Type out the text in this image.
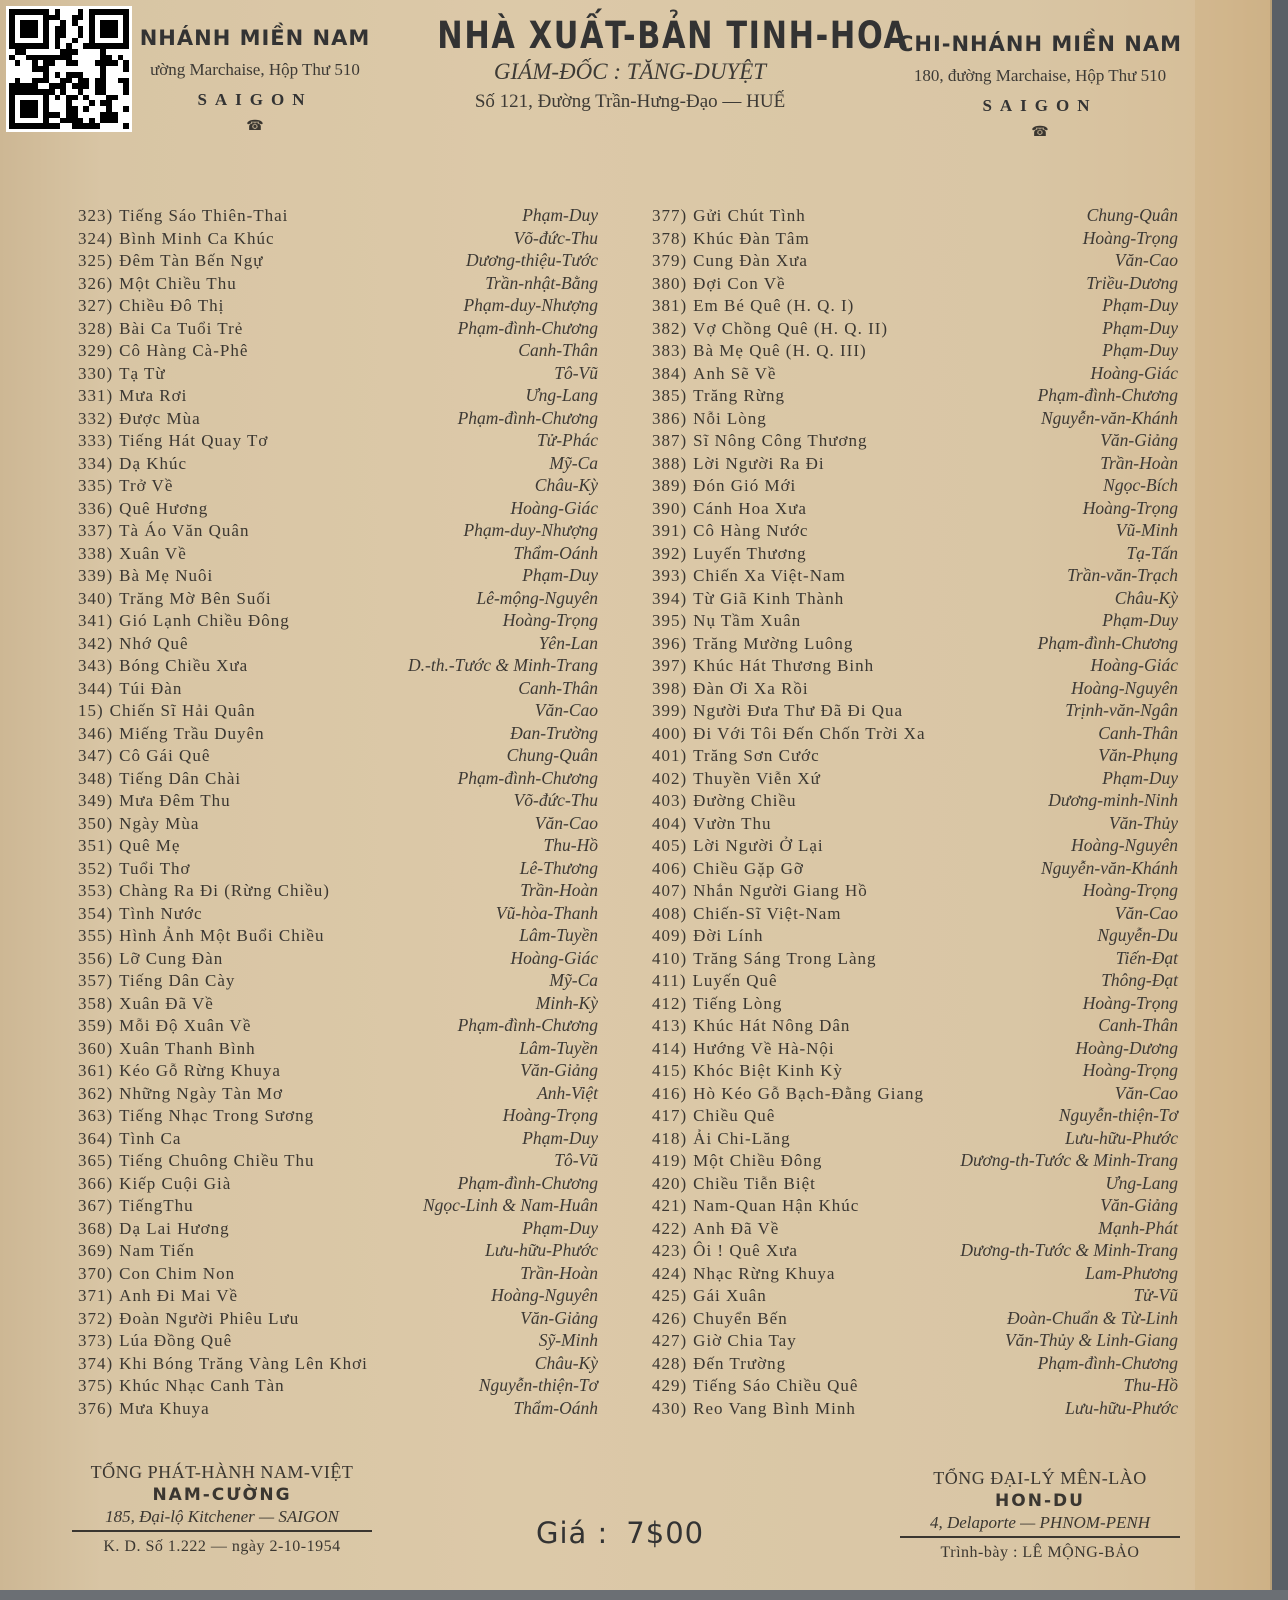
NHÁNH MIỀN NAM
ường Marchaise, Hộp Thư 510
SAIGON
☎
NHÀ XUẤT-BẢN TINH-HOA
GIÁM-ĐỐC : TĂNG-DUYỆT
Số 121, Đường Trần-Hưng-Đạo — HUẾ
CHI-NHÁNH MIỀN NAM
180, đường Marchaise, Hộp Thư 510
SAIGON
☎
323) Tiếng Sáo Thiên-Thai	Phạm-Duy
324) Bình Minh Ca Khúc	Võ-đức-Thu
325) Đêm Tàn Bến Ngự	Dương-thiệu-Tước
326) Một Chiều Thu	Trần-nhật-Bằng
327) Chiều Đô Thị	Phạm-duy-Nhượng
328) Bài Ca Tuổi Trẻ	Phạm-đình-Chương
329) Cô Hàng Cà-Phê	Canh-Thân
330) Tạ Từ	Tô-Vũ
331) Mưa Rơi	Ưng-Lang
332) Được Mùa	Phạm-đình-Chương
333) Tiếng Hát Quay Tơ	Tử-Phác
334) Dạ Khúc	Mỹ-Ca
335) Trở Về	Châu-Kỳ
336) Quê Hương	Hoàng-Giác
337) Tà Áo Văn Quân	Phạm-duy-Nhượng
338) Xuân Về	Thẩm-Oánh
339) Bà Mẹ Nuôi	Phạm-Duy
340) Trăng Mờ Bên Suối	Lê-mộng-Nguyên
341) Gió Lạnh Chiều Đông	Hoàng-Trọng
342) Nhớ Quê	Yên-Lan
343) Bóng Chiều Xưa	D.-th.-Tước & Minh-Trang
344) Túi Đàn	Canh-Thân
15) Chiến Sĩ Hải Quân	Văn-Cao
346) Miếng Trầu Duyên	Đan-Trường
347) Cô Gái Quê	Chung-Quân
348) Tiếng Dân Chài	Phạm-đình-Chương
349) Mưa Đêm Thu	Võ-đức-Thu
350) Ngày Mùa	Văn-Cao
351) Quê Mẹ	Thu-Hồ
352) Tuổi Thơ	Lê-Thương
353) Chàng Ra Đi (Rừng Chiều)	Trần-Hoàn
354) Tình Nước	Vũ-hòa-Thanh
355) Hình Ảnh Một Buổi Chiều	Lâm-Tuyền
356) Lỡ Cung Đàn	Hoàng-Giác
357) Tiếng Dân Cày	Mỹ-Ca
358) Xuân Đã Về	Minh-Kỳ
359) Mỗi Độ Xuân Về	Phạm-đình-Chương
360) Xuân Thanh Bình	Lâm-Tuyền
361) Kéo Gỗ Rừng Khuya	Văn-Giảng
362) Những Ngày Tàn Mơ	Anh-Việt
363) Tiếng Nhạc Trong Sương	Hoàng-Trọng
364) Tình Ca	Phạm-Duy
365) Tiếng Chuông Chiều Thu	Tô-Vũ
366) Kiếp Cuội Già	Phạm-đình-Chương
367) TiếngThu	Ngọc-Linh & Nam-Huân
368) Dạ Lai Hương	Phạm-Duy
369) Nam Tiến	Lưu-hữu-Phước
370) Con Chim Non	Trần-Hoàn
371) Anh Đi Mai Về	Hoàng-Nguyên
372) Đoàn Người Phiêu Lưu	Văn-Giảng
373) Lúa Đồng Quê	Sỹ-Minh
374) Khi Bóng Trăng Vàng Lên Khơi	Châu-Kỳ
375) Khúc Nhạc Canh Tàn	Nguyễn-thiện-Tơ
376) Mưa Khuya	Thẩm-Oánh
377) Gửi Chút Tình	Chung-Quân
378) Khúc Đàn Tâm	Hoàng-Trọng
379) Cung Đàn Xưa	Văn-Cao
380) Đợi Con Về	Triều-Dương
381) Em Bé Quê (H. Q. I)	Phạm-Duy
382) Vợ Chồng Quê (H. Q. II)	Phạm-Duy
383) Bà Mẹ Quê (H. Q. III)	Phạm-Duy
384) Anh Sẽ Về	Hoàng-Giác
385) Trăng Rừng	Phạm-đình-Chương
386) Nỗi Lòng	Nguyễn-văn-Khánh
387) Sĩ Nông Công Thương	Văn-Giảng
388) Lời Người Ra Đi	Trần-Hoàn
389) Đón Gió Mới	Ngọc-Bích
390) Cánh Hoa Xưa	Hoàng-Trọng
391) Cô Hàng Nước	Vũ-Minh
392) Luyến Thương	Tạ-Tấn
393) Chiến Xa Việt-Nam	Trần-văn-Trạch
394) Từ Giã Kinh Thành	Châu-Kỳ
395) Nụ Tầm Xuân	Phạm-Duy
396) Trăng Mường Luông	Phạm-đình-Chương
397) Khúc Hát Thương Binh	Hoàng-Giác
398) Đàn Ơi Xa Rồi	Hoàng-Nguyên
399) Người Đưa Thư Đã Đi Qua	Trịnh-văn-Ngân
400) Đi Với Tôi Đến Chốn Trời Xa	Canh-Thân
401) Trăng Sơn Cước	Văn-Phụng
402) Thuyền Viễn Xứ	Phạm-Duy
403) Đường Chiều	Dương-minh-Ninh
404) Vườn Thu	Văn-Thủy
405) Lời Người Ở Lại	Hoàng-Nguyên
406) Chiều Gặp Gỡ	Nguyễn-văn-Khánh
407) Nhắn Người Giang Hồ	Hoàng-Trọng
408) Chiến-Sĩ Việt-Nam	Văn-Cao
409) Đời Lính	Nguyễn-Du
410) Trăng Sáng Trong Làng	Tiến-Đạt
411) Luyến Quê	Thông-Đạt
412) Tiếng Lòng	Hoàng-Trọng
413) Khúc Hát Nông Dân	Canh-Thân
414) Hướng Về Hà-Nội	Hoàng-Dương
415) Khóc Biệt Kinh Kỳ	Hoàng-Trọng
416) Hò Kéo Gỗ Bạch-Đằng Giang	Văn-Cao
417) Chiều Quê	Nguyễn-thiện-Tơ
418) Ải Chi-Lăng	Lưu-hữu-Phước
419) Một Chiều Đông	Dương-th-Tước & Minh-Trang
420) Chiều Tiễn Biệt	Ưng-Lang
421) Nam-Quan Hận Khúc	Văn-Giảng
422) Anh Đã Về	Mạnh-Phát
423) Ôi ! Quê Xưa	Dương-th-Tước & Minh-Trang
424) Nhạc Rừng Khuya	Lam-Phương
425) Gái Xuân	Tử-Vũ
426) Chuyển Bến	Đoàn-Chuẩn & Từ-Linh
427) Giờ Chia Tay	Văn-Thủy & Linh-Giang
428) Đến Trường	Phạm-đình-Chương
429) Tiếng Sáo Chiều Quê	Thu-Hồ
430) Reo Vang Bình Minh	Lưu-hữu-Phước
TỔNG PHÁT-HÀNH NAM-VIỆT
NAM-CƯỜNG
185, Đại-lộ Kitchener — SAIGON
K. D. Số 1.222 — ngày 2-10-1954	Giá : 7$00
TỔNG ĐẠI-LÝ MÊN-LÀO
HON-DU
4, Delaporte — PHNOM-PENH
Trình-bày : LÊ MỘNG-BẢO
